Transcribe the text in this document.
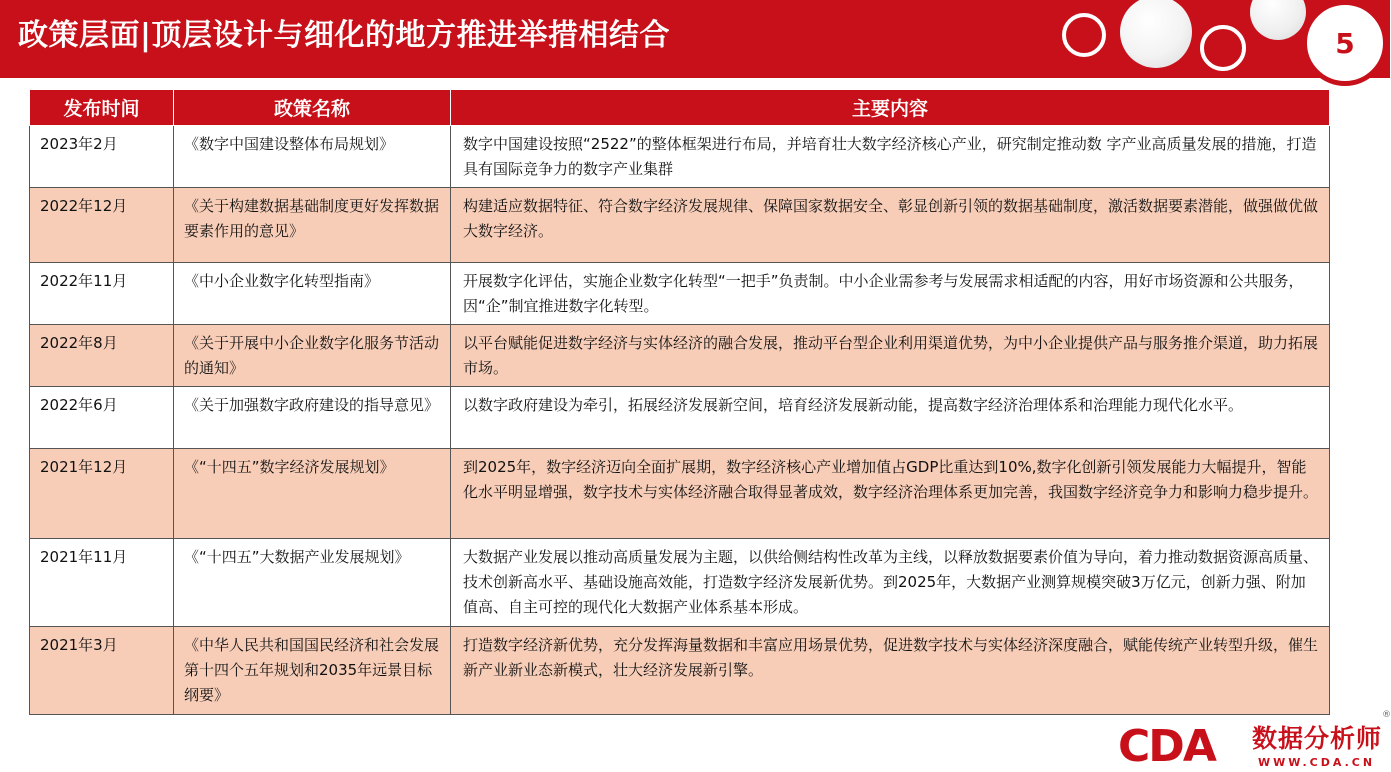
政策层面|顶层设计与细化的地方推进举措相结合	5
发布时间	政策名称	主要内容
2023年2月	《数字中国建设整体布局规划》	数字中国建设按照“2522”的整体框架进行布局，并培育壮大数字经济核心产业，研究制定推动数 字产业高质量发展的措施，打造具有国际竞争力的数字产业集群
2022年12月	《关于构建数据基础制度更好发挥数据要素作用的意见》	构建适应数据特征、符合数字经济发展规律、保障国家数据安全、彰显创新引领的数据基础制度，激活数据要素潜能，做强做优做大数字经济。
2022年11月	《中小企业数字化转型指南》	开展数字化评估，实施企业数字化转型“一把手”负责制。中小企业需参考与发展需求相适配的内容，用好市场资源和公共服务，因“企”制宜推进数字化转型。
2022年8月	《关于开展中小企业数字化服务节活动的通知》	以平台赋能促进数字经济与实体经济的融合发展，推动平台型企业利用渠道优势，为中小企业提供产品与服务推介渠道，助力拓展市场。
2022年6月	《关于加强数字政府建设的指导意见》	以数字政府建设为牵引，拓展经济发展新空间，培育经济发展新动能，提高数字经济治理体系和治理能力现代化水平。
2021年12月	《“十四五”数字经济发展规划》	到2025年，数字经济迈向全面扩展期，数字经济核心产业增加值占GDP比重达到10%,数字化创新引领发展能力大幅提升，智能化水平明显增强，数字技术与实体经济融合取得显著成效，数字经济治理体系更加完善，我国数字经济竞争力和影响力稳步提升。
2021年11月	《“十四五”大数据产业发展规划》	大数据产业发展以推动高质量发展为主题，以供给侧结构性改革为主线，以释放数据要素价值为导向，着力推动数据资源高质量、技术创新高水平、基础设施高效能，打造数字经济发展新优势。到2025年，大数据产业测算规模突破3万亿元，创新力强、附加值高、自主可控的现代化大数据产业体系基本形成。
2021年3月	《中华人民共和国国民经济和社会发展第十四个五年规划和2035年远景目标纲要》	打造数字经济新优势，充分发挥海量数据和丰富应用场景优势，促进数字技术与实体经济深度融合，赋能传统产业转型升级，催生新产业新业态新模式，壮大经济发展新引擎。
CDA 数据分析师
WWW.CDA.CN
®
